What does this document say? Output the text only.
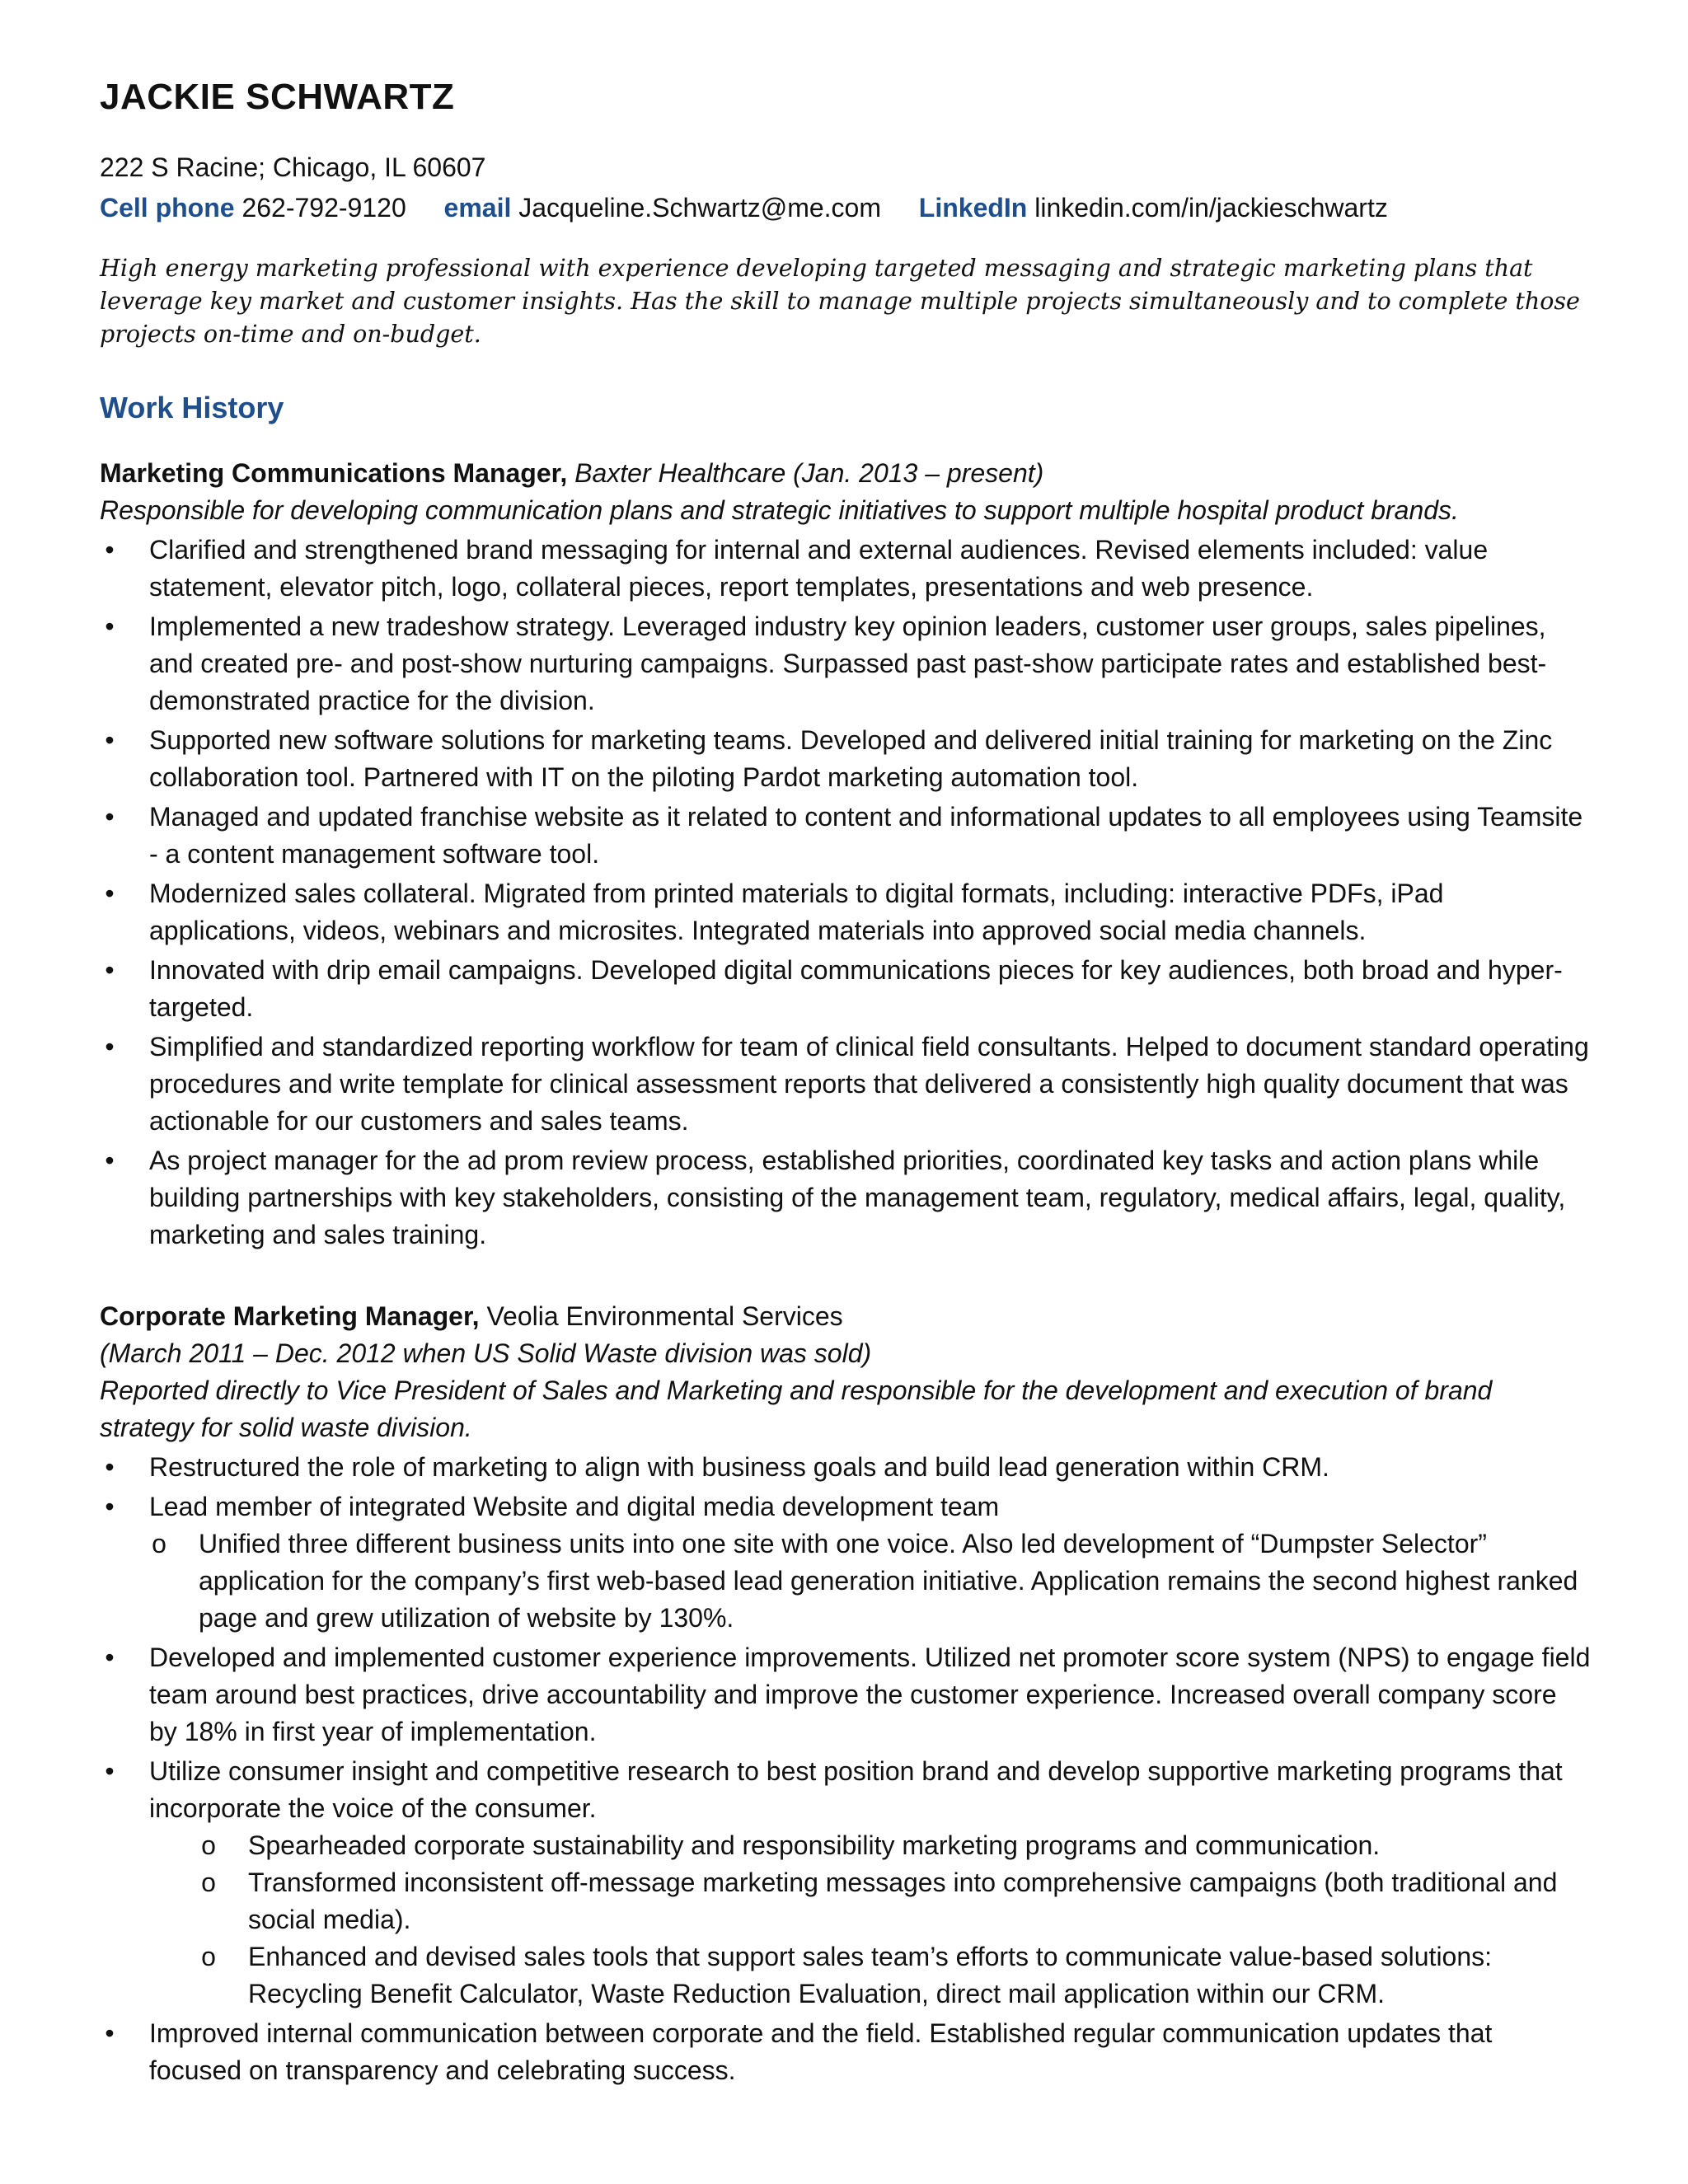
JACKIE SCHWARTZ
222 S Racine; Chicago, IL 60607
Cell phone 262-792-9120 email Jacqueline.Schwartz@me.com LinkedIn linkedin.com/in/jackieschwartz
High energy marketing professional with experience developing targeted messaging and strategic marketing plans that leverage key market and customer insights. Has the skill to manage multiple projects simultaneously and to complete those projects on-time and on-budget.
Work History
Marketing Communications Manager, Baxter Healthcare (Jan. 2013 – present)
Responsible for developing communication plans and strategic initiatives to support multiple hospital product brands.
• Clarified and strengthened brand messaging for internal and external audiences. Revised elements included: value statement, elevator pitch, logo, collateral pieces, report templates, presentations and web presence.
• Implemented a new tradeshow strategy. Leveraged industry key opinion leaders, customer user groups, sales pipelines, and created pre- and post-show nurturing campaigns. Surpassed past past-show participate rates and established best-demonstrated practice for the division.
• Supported new software solutions for marketing teams. Developed and delivered initial training for marketing on the Zinc collaboration tool. Partnered with IT on the piloting Pardot marketing automation tool.
• Managed and updated franchise website as it related to content and informational updates to all employees using Teamsite - a content management software tool.
• Modernized sales collateral. Migrated from printed materials to digital formats, including: interactive PDFs, iPad applications, videos, webinars and microsites. Integrated materials into approved social media channels.
• Innovated with drip email campaigns. Developed digital communications pieces for key audiences, both broad and hyper-targeted.
• Simplified and standardized reporting workflow for team of clinical field consultants. Helped to document standard operating procedures and write template for clinical assessment reports that delivered a consistently high quality document that was actionable for our customers and sales teams.
• As project manager for the ad prom review process, established priorities, coordinated key tasks and action plans while building partnerships with key stakeholders, consisting of the management team, regulatory, medical affairs, legal, quality, marketing and sales training.
Corporate Marketing Manager, Veolia Environmental Services
(March 2011 – Dec. 2012 when US Solid Waste division was sold)
Reported directly to Vice President of Sales and Marketing and responsible for the development and execution of brand strategy for solid waste division.
• Restructured the role of marketing to align with business goals and build lead generation within CRM.
• Lead member of integrated Website and digital media development team
o Unified three different business units into one site with one voice. Also led development of “Dumpster Selector” application for the company’s first web-based lead generation initiative. Application remains the second highest ranked page and grew utilization of website by 130%.
• Developed and implemented customer experience improvements. Utilized net promoter score system (NPS) to engage field team around best practices, drive accountability and improve the customer experience. Increased overall company score by 18% in first year of implementation.
• Utilize consumer insight and competitive research to best position brand and develop supportive marketing programs that incorporate the voice of the consumer.
o Spearheaded corporate sustainability and responsibility marketing programs and communication.
o Transformed inconsistent off-message marketing messages into comprehensive campaigns (both traditional and social media).
o Enhanced and devised sales tools that support sales team’s efforts to communicate value-based solutions: Recycling Benefit Calculator, Waste Reduction Evaluation, direct mail application within our CRM.
• Improved internal communication between corporate and the field. Established regular communication updates that focused on transparency and celebrating success.
